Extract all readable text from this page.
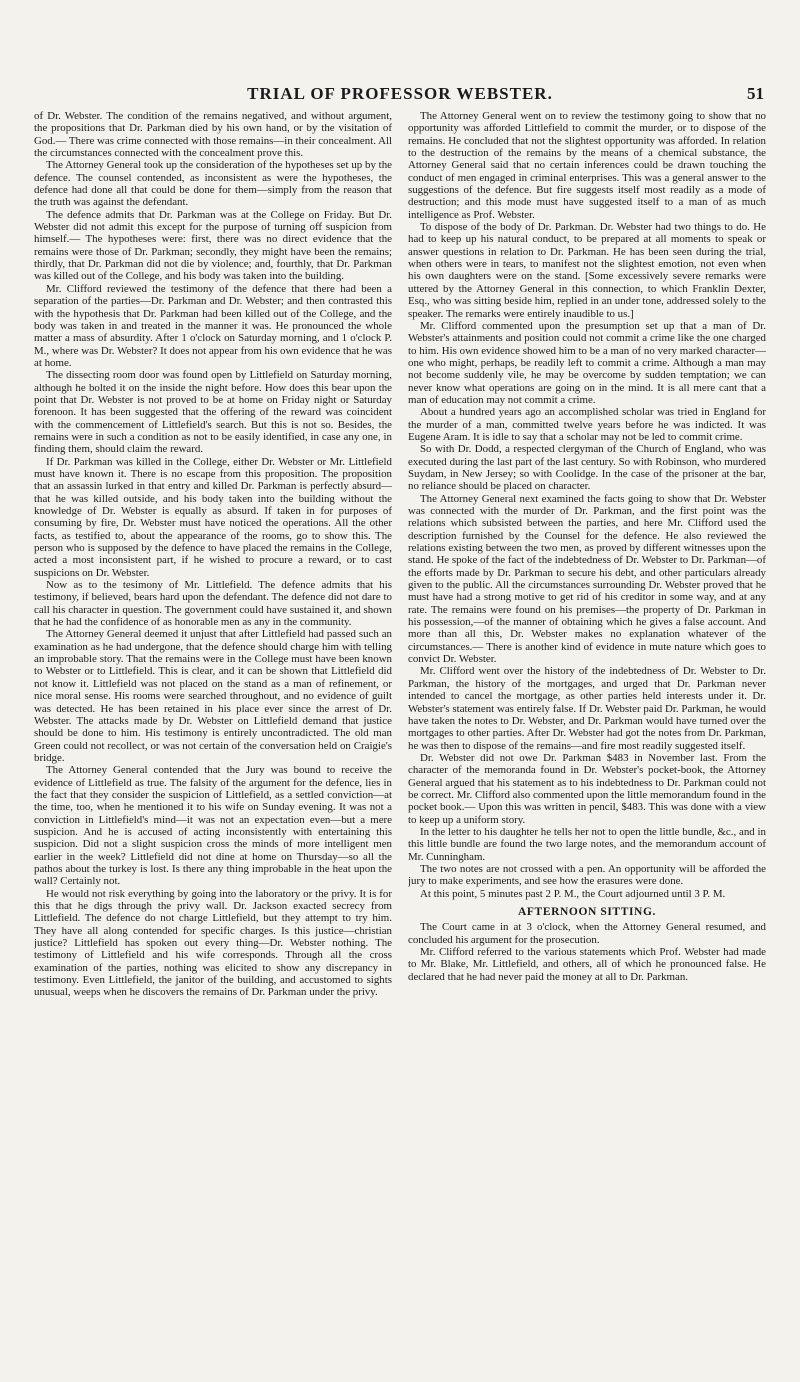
TRIAL OF PROFESSOR WEBSTER.	51

of Dr. Webster. The condition of the remains negatived, and without argument, the propositions that Dr. Parkman died by his own hand, or by the visitation of God.— There was crime connected with those remains—in their concealment. All the circumstances connected with the concealment prove this.

The Attorney General took up the consideration of the hypotheses set up by the defence. The counsel contended, as inconsistent as were the hypotheses, the defence had done all that could be done for them—simply from the reason that the truth was against the defendant.

The defence admits that Dr. Parkman was at the College on Friday. But Dr. Webster did not admit this except for the purpose of turning off suspicion from himself.— The hypotheses were: first, there was no direct evidence that the remains were those of Dr. Parkman; secondly, they might have been the remains; thirdly, that Dr. Parkman did not die by violence; and, fourthly, that Dr. Parkman was killed out of the College, and his body was taken into the building.

Mr. Clifford reviewed the testimony of the defence that there had been a separation of the parties—Dr. Parkman and Dr. Webster; and then contrasted this with the hypothesis that Dr. Parkman had been killed out of the College, and the body was taken in and treated in the manner it was. He pronounced the whole matter a mass of absurdity. After 1 o'clock on Saturday morning, and 1 o'clock P. M., where was Dr. Webster? It does not appear from his own evidence that he was at home.

The dissecting room door was found open by Littlefield on Saturday morning, although he bolted it on the inside the night before. How does this bear upon the point that Dr. Webster is not proved to be at home on Friday night or Saturday forenoon. It has been suggested that the offering of the reward was coincident with the commencement of Littlefield's search. But this is not so. Besides, the remains were in such a condition as not to be easily identified, in case any one, in finding them, should claim the reward.

If Dr. Parkman was killed in the College, either Dr. Webster or Mr. Littlefield must have known it. There is no escape from this proposition. The proposition that an assassin lurked in that entry and killed Dr. Parkman is perfectly absurd—that he was killed outside, and his body taken into the building without the knowledge of Dr. Webster is equally as absurd. If taken in for purposes of consuming by fire, Dr. Webster must have noticed the operations. All the other facts, as testified to, about the appearance of the rooms, go to show this. The person who is supposed by the defence to have placed the remains in the College, acted a most inconsistent part, if he wished to procure a reward, or to cast suspicions on Dr. Webster.

Now as to the tesimony of Mr. Littlefield. The defence admits that his testimony, if believed, bears hard upon the defendant. The defence did not dare to call his character in question. The government could have sustained it, and shown that he had the confidence of as honorable men as any in the community.

The Attorney General deemed it unjust that after Littlefield had passed such an examination as he had undergone, that the defence should charge him with telling an improbable story. That the remains were in the College must have been known to Webster or to Littlefield. This is clear, and it can be shown that Littlefield did not know it. Littlefield was not placed on the stand as a man of refinement, or nice moral sense. His rooms were searched throughout, and no evidence of guilt was detected. He has been retained in his place ever since the arrest of Dr. Webster. The attacks made by Dr. Webster on Littlefield demand that justice should be done to him. His testimony is entirely uncontradicted. The old man Green could not recollect, or was not certain of the conversation held on Craigie's bridge.

The Attorney General contended that the Jury was bound to receive the evidence of Littlefield as true. The falsity of the argument for the defence, lies in the fact that they consider the suspicion of Littlefield, as a settled conviction—at the time, too, when he mentioned it to his wife on Sunday evening. It was not a conviction in Littlefield's mind—it was not an expectation even—but a mere suspicion. And he is accused of acting inconsistently with entertaining this suspicion. Did not a slight suspicion cross the minds of more intelligent men earlier in the week? Littlefield did not dine at home on Thursday—so all the pathos about the turkey is lost. Is there any thing improbable in the heat upon the wall? Certainly not.

He would not risk everything by going into the laboratory or the privy. It is for this that he digs through the privy wall. Dr. Jackson exacted secrecy from Littlefield. The defence do not charge Littlefield, but they attempt to try him. They have all along contended for specific charges. Is this justice—christian justice? Littlefield has spoken out every thing—Dr. Webster nothing. The testimony of Littlefield and his wife corresponds. Through all the cross examination of the parties, nothing was elicited to show any discrepancy in testimony. Even Littlefield, the janitor of the building, and accustomed to sights unusual, weeps when he discovers the remains of Dr. Parkman under the privy.

The Attorney General went on to review the testimony going to show that no opportunity was afforded Littlefield to commit the murder, or to dispose of the remains. He concluded that not the slightest opportunity was afforded. In relation to the destruction of the remains by the means of a chemical substance, the Attorney General said that no certain inferences could be drawn touching the conduct of men engaged in criminal enterprises. This was a general answer to the suggestions of the defence. But fire suggests itself most readily as a mode of destruction; and this mode must have suggested itself to a man of as much intelligence as Prof. Webster.

To dispose of the body of Dr. Parkman. Dr. Webster had two things to do. He had to keep up his natural conduct, to be prepared at all moments to speak or answer questions in relation to Dr. Parkman. He has been seen during the trial, when others were in tears, to manifest not the slightest emotion, not even when his own daughters were on the stand. [Some excessively severe remarks were uttered by the Attorney General in this connection, to which Franklin Dexter, Esq., who was sitting beside him, replied in an under tone, addressed solely to the speaker. The remarks were entirely inaudible to us.]

Mr. Clifford commented upon the presumption set up that a man of Dr. Webster's attainments and position could not commit a crime like the one charged to him. His own evidence showed him to be a man of no very marked character—one who might, perhaps, be readily left to commit a crime. Although a man may not become suddenly vile, he may be overcome by sudden temptation; we can never know what operations are going on in the mind. It is all mere cant that a man of education may not commit a crime.

About a hundred years ago an accomplished scholar was tried in England for the murder of a man, committed twelve years before he was indicted. It was Eugene Aram. It is idle to say that a scholar may not be led to commit crime.

So with Dr. Dodd, a respected clergyman of the Church of England, who was executed during the last part of the last century. So with Robinson, who murdered Suydam, in New Jersey; so with Coolidge. In the case of the prisoner at the bar, no reliance should be placed on character.

The Attorney General next examined the facts going to show that Dr. Webster was connected with the murder of Dr. Parkman, and the first point was the relations which subsisted between the parties, and here Mr. Clifford used the description furnished by the Counsel for the defence. He also reviewed the relations existing between the two men, as proved by different witnesses upon the stand. He spoke of the fact of the indebtedness of Dr. Webster to Dr. Parkman—of the efforts made by Dr. Parkman to secure his debt, and other particulars already given to the public. All the circumstances surrounding Dr. Webster proved that he must have had a strong motive to get rid of his creditor in some way, and at any rate. The remains were found on his premises—the property of Dr. Parkman in his possession,—of the manner of obtaining which he gives a false account. And more than all this, Dr. Webster makes no explanation whatever of the circumstances.— There is another kind of evidence in mute nature which goes to convict Dr. Webster.

Mr. Clifford went over the history of the indebtedness of Dr. Webster to Dr. Parkman, the history of the mortgages, and urged that Dr. Parkman never intended to cancel the mortgage, as other parties held interests under it. Dr. Webster's statement was entirely false. If Dr. Webster paid Dr. Parkman, he would have taken the notes to Dr. Webster, and Dr. Parkman would have turned over the mortgages to other parties. After Dr. Webster had got the notes from Dr. Parkman, he was then to dispose of the remains—and fire most readily suggested itself.

Dr. Webster did not owe Dr. Parkman $483 in November last. From the character of the memoranda found in Dr. Webster's pocket-book, the Attorney General argued that his statement as to his indebtedness to Dr. Parkman could not be correct. Mr. Clifford also commented upon the little memorandum found in the pocket book.— Upon this was written in pencil, $483. This was done with a view to keep up a uniform story.

In the letter to his daughter he tells her not to open the little bundle, &c., and in this little bundle are found the two large notes, and the memorandum account of Mr. Cunningham.

The two notes are not crossed with a pen. An opportunity will be afforded the jury to make experiments, and see how the erasures were done.

At this point, 5 minutes past 2 P. M., the Court adjourned until 3 P. M.

AFTERNOON SITTING.

The Court came in at 3 o'clock, when the Attorney General resumed, and concluded his argument for the prosecution.

Mr. Clifford referred to the various statements which Prof. Webster had made to Mr. Blake, Mr. Littlefield, and others, all of which he pronounced false. He declared that he had never paid the money at all to Dr. Parkman.
